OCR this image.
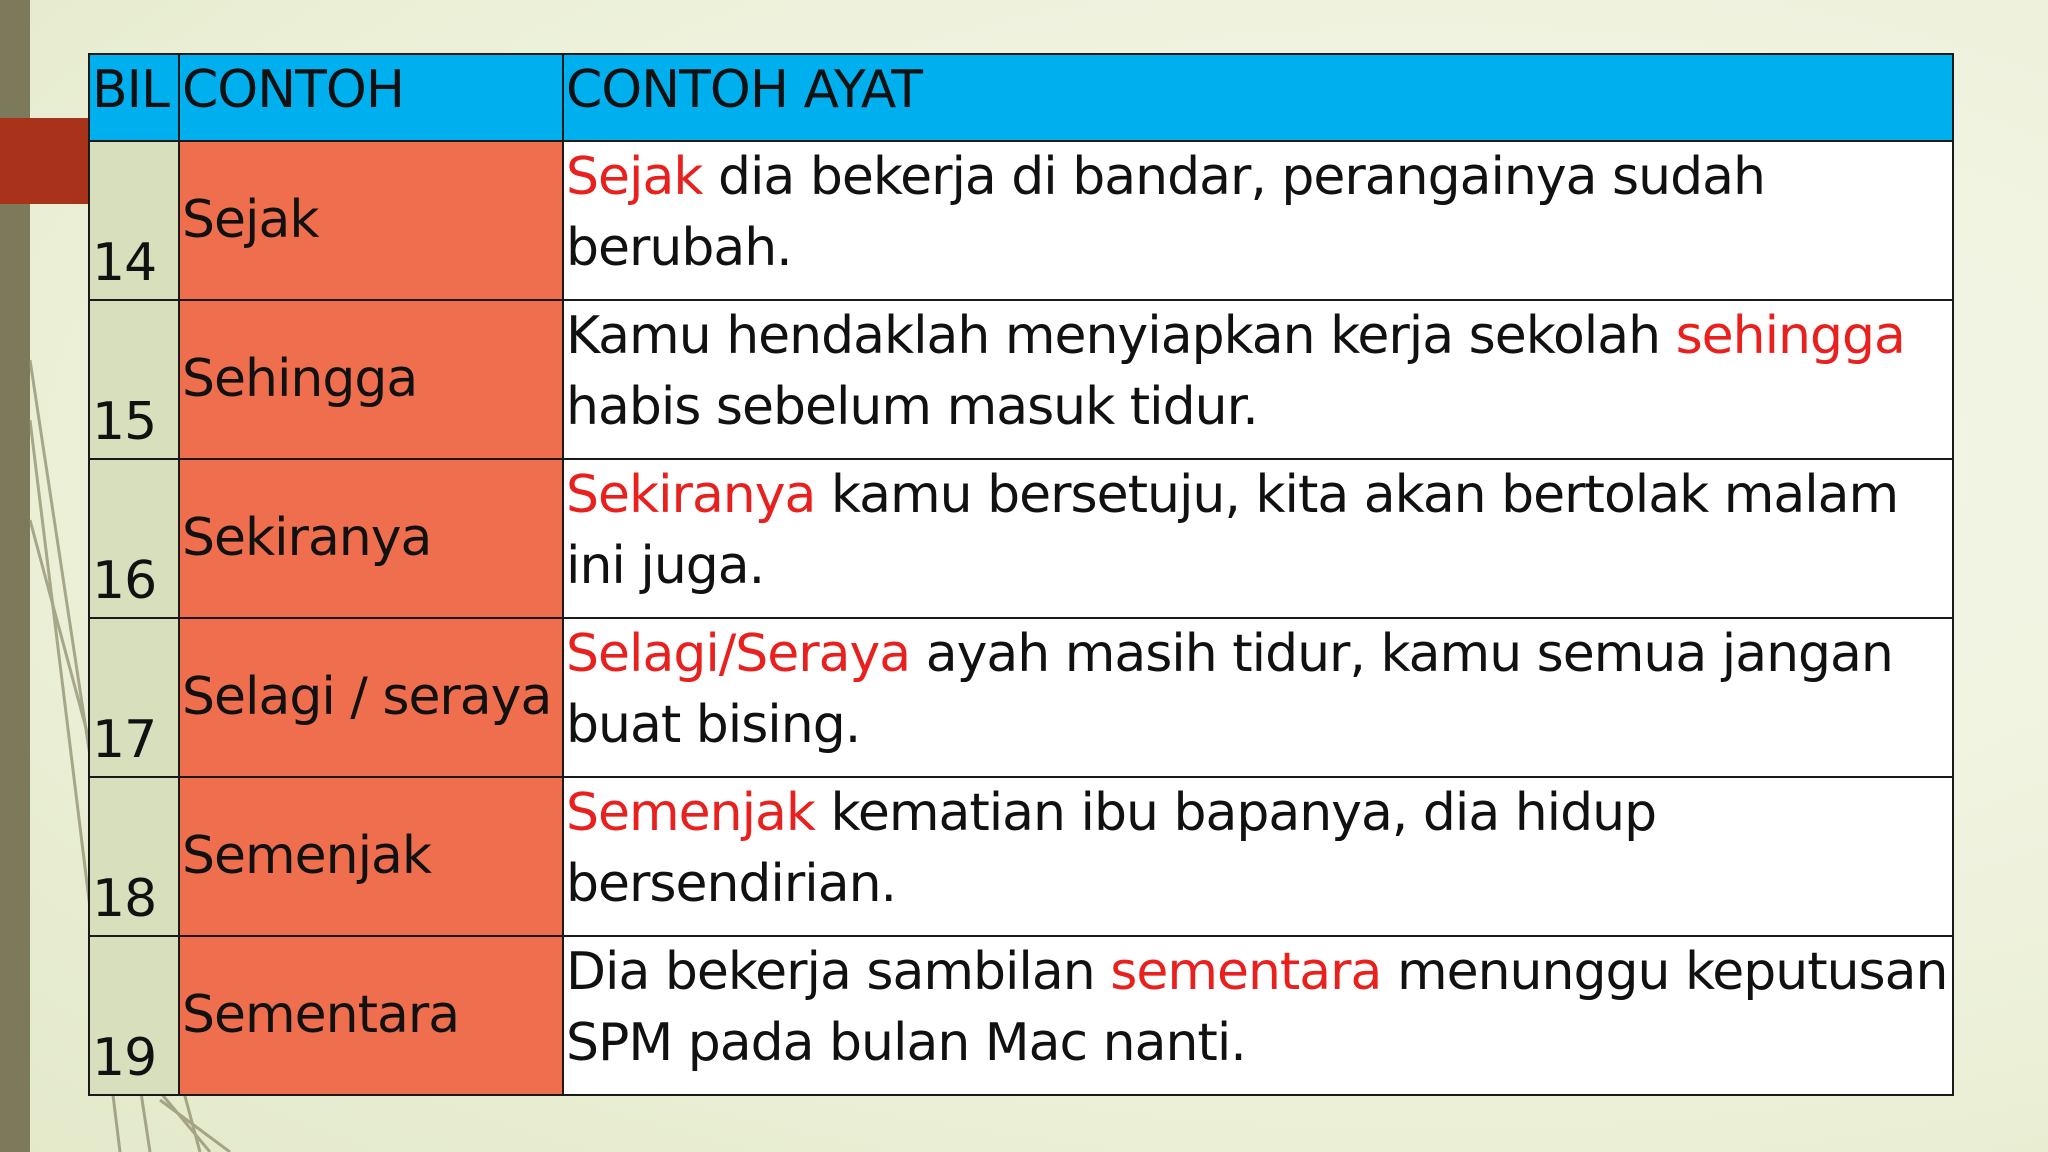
BIL	CONTOH	CONTOH AYAT
14	Sejak	Sejak dia bekerja di bandar, perangainya sudah berubah.
15	Sehingga	Kamu hendaklah menyiapkan kerja sekolah sehingga habis sebelum masuk tidur.
16	Sekiranya	Sekiranya kamu bersetuju, kita akan bertolak malam ini juga.
17	Selagi / seraya	Selagi/Seraya ayah masih tidur, kamu semua jangan buat bising.
18	Semenjak	Semenjak kematian ibu bapanya, dia hidup bersendirian.
19	Sementara	Dia bekerja sambilan sementara menunggu keputusan SPM pada bulan Mac nanti.
